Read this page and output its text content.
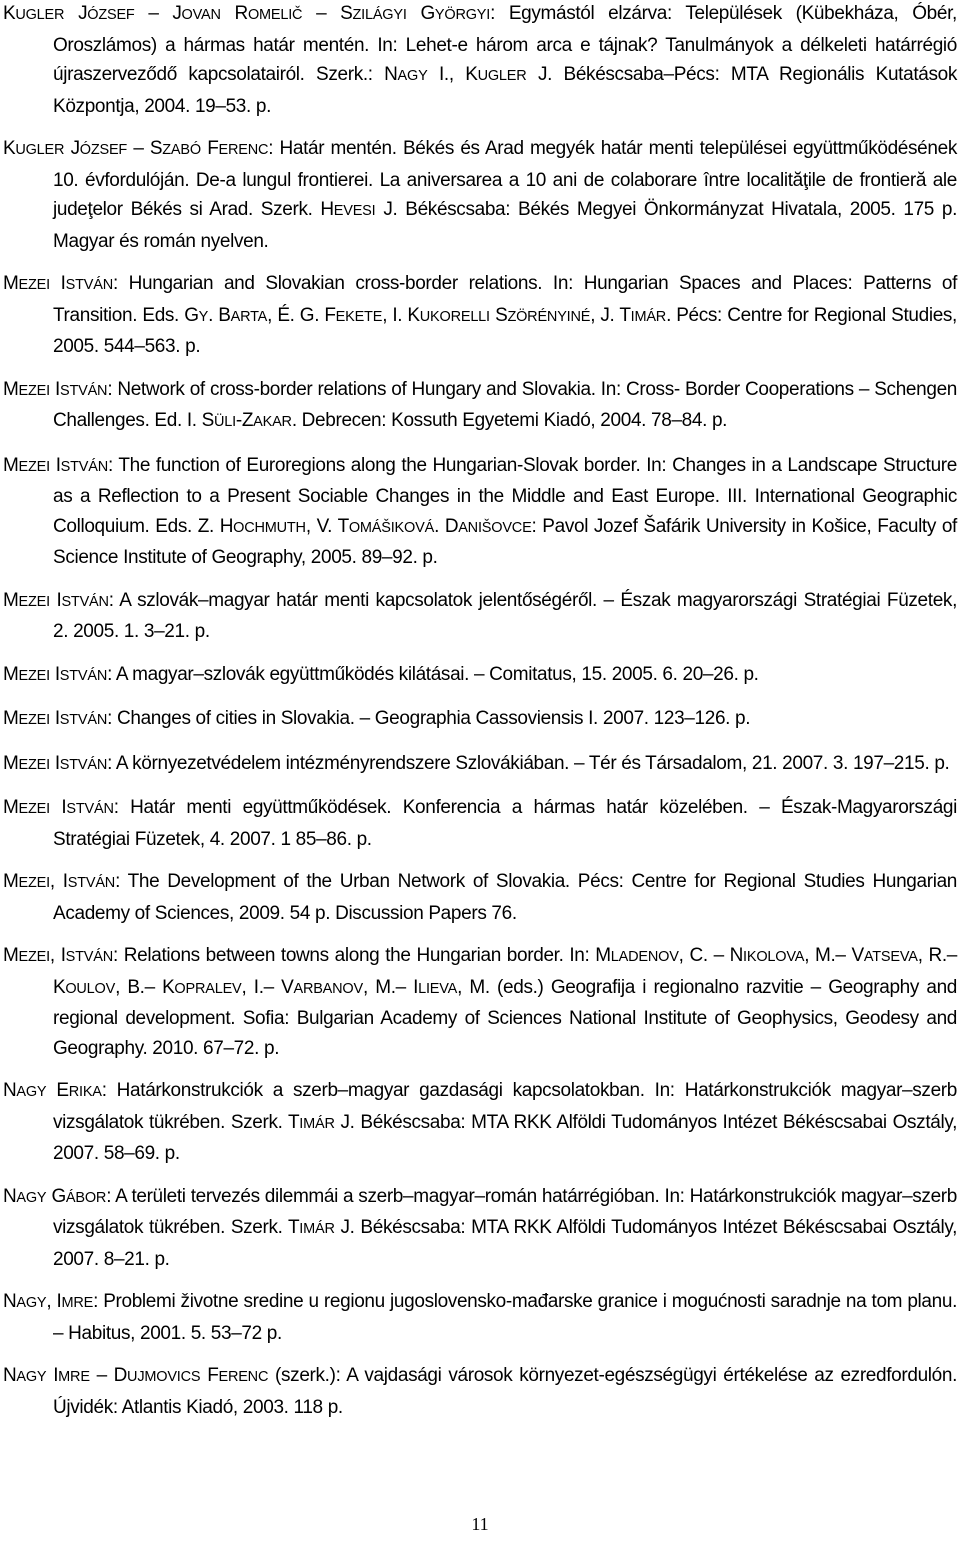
KUGLER JÓZSEF – JOVAN ROMELIČ – SZILÁGYI GYÖRGYI: Egymástól elzárva: Települések (Kübekháza, Óbér, Oroszlámos) a hármas határ mentén. In: Lehet-e három arca e tájnak? Tanulmányok a délkeleti határrégió újraszerveződő kapcsolatairól. Szerk.: NAGY I., KUGLER J. Békéscsaba–Pécs: MTA Regionális Kutatások Központja, 2004. 19–53. p.

KUGLER JÓZSEF – SZABÓ FERENC: Határ mentén. Békés és Arad megyék határ menti települései együttműködésének 10. évfordulóján. De-a lungul frontierei. La aniversarea a 10 ani de colaborare între localităţile de frontieră ale judeţelor Békés si Arad. Szerk. HEVESI J. Békéscsaba: Békés Megyei Önkormányzat Hivatala, 2005. 175 p. Magyar és román nyelven.

MEZEI ISTVÁN: Hungarian and Slovakian cross-border relations. In: Hungarian Spaces and Places: Patterns of Transition. Eds. GY. BARTA, É. G. FEKETE, I. KUKORELLI SZÖRÉNYINÉ, J. TIMÁR. Pécs: Centre for Regional Studies, 2005. 544–563. p.

MEZEI ISTVÁN: Network of cross-border relations of Hungary and Slovakia. In: Cross- Border Cooperations – Schengen Challenges. Ed. I. SÜLI-ZAKAR. Debrecen: Kossuth Egyetemi Kiadó, 2004. 78–84. p.

MEZEI ISTVÁN: The function of Euroregions along the Hungarian-Slovak border. In: Changes in a Landscape Structure as a Reflection to a Present Sociable Changes in the Middle and East Europe. III. International Geographic Colloquium. Eds. Z. HOCHMUTH, V. TOMÁŠIKOVÁ. DANIŠOVCE: Pavol Jozef Šafárik University in Košice, Faculty of Science Institute of Geography, 2005. 89–92. p.

MEZEI ISTVÁN: A szlovák–magyar határ menti kapcsolatok jelentőségéről. – Észak magyarországi Stratégiai Füzetek, 2. 2005. 1. 3–21. p.

MEZEI ISTVÁN: A magyar–szlovák együttműködés kilátásai. – Comitatus, 15. 2005. 6. 20–26. p.

MEZEI ISTVÁN: Changes of cities in Slovakia. – Geographia Cassoviensis I. 2007. 123–126. p.

MEZEI ISTVÁN: A környezetvédelem intézményrendszere Szlovákiában. – Tér és Társadalom, 21. 2007. 3. 197–215. p.

MEZEI ISTVÁN: Határ menti együttműködések. Konferencia a hármas határ közelében. – Észak-Magyarországi Stratégiai Füzetek, 4. 2007. 1 85–86. p.

MEZEI, ISTVÁN: The Development of the Urban Network of Slovakia. Pécs: Centre for Regional Studies Hungarian Academy of Sciences, 2009. 54 p. Discussion Papers 76.

MEZEI, ISTVÁN: Relations between towns along the Hungarian border. In: MLADENOV, C. – NIKOLOVA, M.– VATSEVA, R.– KOULOV, B.– KOPRALEV, I.– VARBANOV, M.– ILIEVA, M. (eds.) Geografija i regionalno razvitie – Geography and regional development. Sofia: Bulgarian Academy of Sciences National Institute of Geophysics, Geodesy and Geography. 2010. 67–72. p.

NAGY ERIKA: Határkonstrukciók a szerb–magyar gazdasági kapcsolatokban. In: Határkonstrukciók magyar–szerb vizsgálatok tükrében. Szerk. TIMÁR J. Békéscsaba: MTA RKK Alföldi Tudományos Intézet Békéscsabai Osztály, 2007. 58–69. p.

NAGY GÁBOR: A területi tervezés dilemmái a szerb–magyar–román határrégióban. In: Határkonstrukciók magyar–szerb vizsgálatok tükrében. Szerk. TIMÁR J. Békéscsaba: MTA RKK Alföldi Tudományos Intézet Békéscsabai Osztály, 2007. 8–21. p.

NAGY, IMRE: Problemi životne sredine u regionu jugoslovensko-mađarske granice i mogućnosti saradnje na tom planu. – Habitus, 2001. 5. 53–72 p.

NAGY IMRE – DUJMOVICS FERENC (szerk.): A vajdasági városok környezet-egészségügyi értékelése az ezredfordulón. Újvidék: Atlantis Kiadó, 2003. 118 p.

11
